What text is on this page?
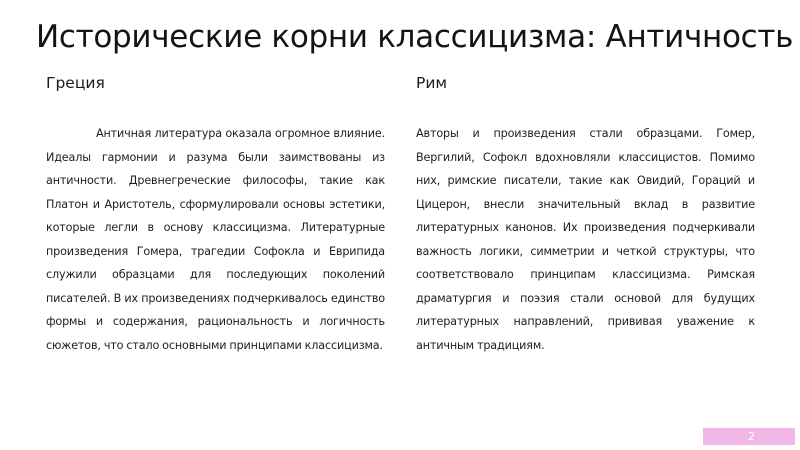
Исторические корни классицизма: Античность
Греция	Рим
Античная литература оказала огромное влияние. Идеалы гармонии и разума были заимствованы из античности. Древнегреческие философы, такие как Платон и Аристотель, сформулировали основы эстетики, которые легли в основу классицизма. Литературные произведения Гомера, трагедии Софокла и Еврипида служили образцами для последующих поколений писателей. В их произведениях подчеркивалось единство формы и содержания, рациональность и логичность сюжетов, что стало основными принципами классицизма.
Авторы и произведения стали образцами. Гомер, Вергилий, Софокл вдохновляли классицистов. Помимо них, римские писатели, такие как Овидий, Гораций и Цицерон, внесли значительный вклад в развитие литературных канонов. Их произведения подчеркивали важность логики, симметрии и четкой структуры, что соответствовало принципам классицизма. Римская драматургия и поэзия стали основой для будущих литературных направлений, прививая уважение к античным традициям.
2
